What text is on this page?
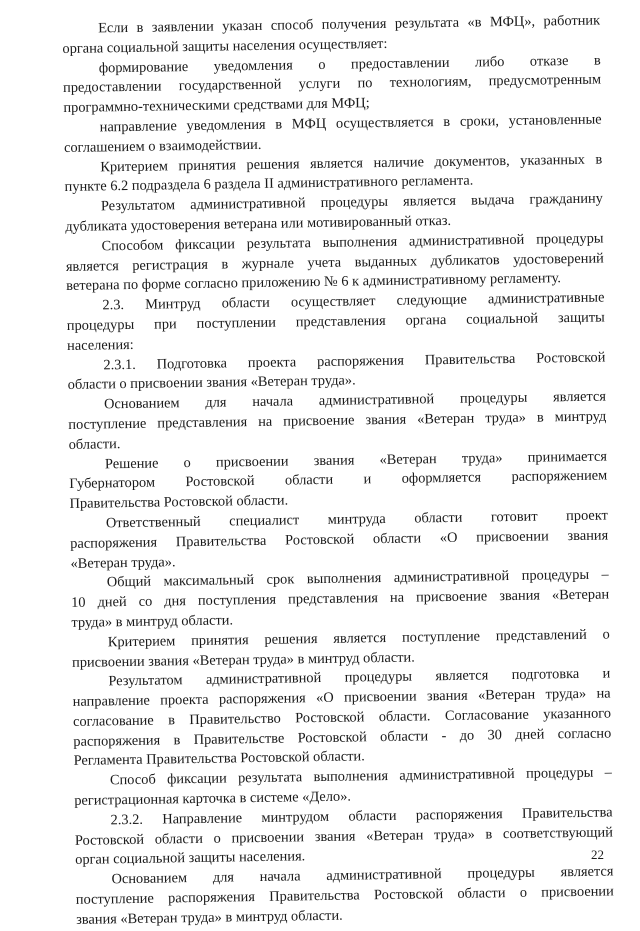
Если в заявлении указан способ получения результата «в МФЦ», работник
органа социальной защиты населения осуществляет:
формирование уведомления о предоставлении либо отказе в
предоставлении государственной услуги по технологиям, предусмотренным
программно-техническими средствами для МФЦ;
направление уведомления в МФЦ осуществляется в сроки, установленные
соглашением о взаимодействии.
Критерием принятия решения является наличие документов, указанных в
пункте 6.2 подраздела 6 раздела II административного регламента.
Результатом административной процедуры является выдача гражданину
дубликата удостоверения ветерана или мотивированный отказ.
Способом фиксации результата выполнения административной процедуры
является регистрация в журнале учета выданных дубликатов удостоверений
ветерана по форме согласно приложению № 6 к административному регламенту.
2.3. Минтруд области осуществляет следующие административные
процедуры при поступлении представления органа социальной защиты
населения:
2.3.1. Подготовка проекта распоряжения Правительства Ростовской
области о присвоении звания «Ветеран труда».
Основанием для начала административной процедуры является
поступление представления на присвоение звания «Ветеран труда» в минтруд
области.
Решение о присвоении звания «Ветеран труда» принимается
Губернатором Ростовской области и оформляется распоряжением
Правительства Ростовской области.
Ответственный специалист минтруда области готовит проект
распоряжения Правительства Ростовской области «О присвоении звания
«Ветеран труда».
Общий максимальный срок выполнения административной процедуры –
10 дней со дня поступления представления на присвоение звания «Ветеран
труда» в минтруд области.
Критерием принятия решения является поступление представлений о
присвоении звания «Ветеран труда» в минтруд области.
Результатом административной процедуры является подготовка и
направление проекта распоряжения «О присвоении звания «Ветеран труда» на
согласование в Правительство Ростовской области. Согласование указанного
распоряжения в Правительстве Ростовской области - до 30 дней согласно
Регламента Правительства Ростовской области.
Способ фиксации результата выполнения административной процедуры –
регистрационная карточка в системе «Дело».
2.3.2. Направление минтрудом области распоряжения Правительства
Ростовской области о присвоении звания «Ветеран труда» в соответствующий
орган социальной защиты населения.
Основанием для начала административной процедуры является
поступление распоряжения Правительства Ростовской области о присвоении
звания «Ветеран труда» в минтруд области.
22
